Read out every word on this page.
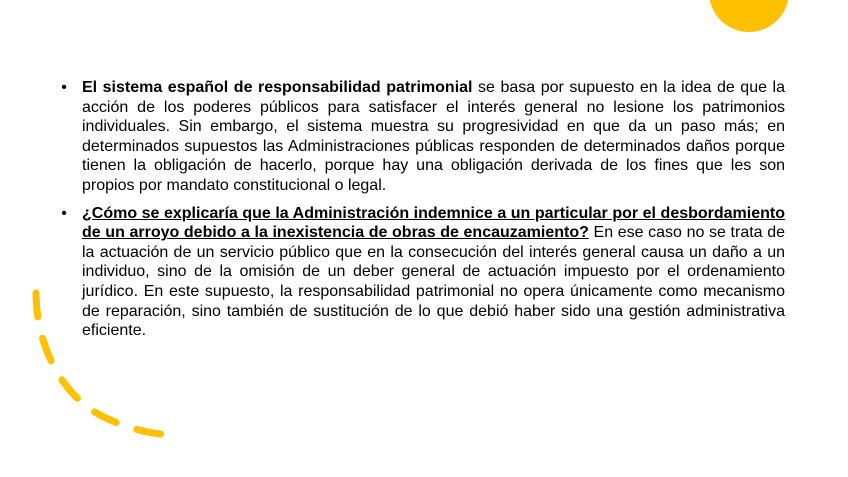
• El sistema español de responsabilidad patrimonial se basa por supuesto en la idea de que la acción de los poderes públicos para satisfacer el interés general no lesione los patrimonios individuales. Sin embargo, el sistema muestra su progresividad en que da un paso más; en determinados supuestos las Administraciones públicas responden de determinados daños porque tienen la obligación de hacerlo, porque hay una obligación derivada de los fines que les son propios por mandato constitucional o legal.
• ¿Cómo se explicaría que la Administración indemnice a un particular por el desbordamiento de un arroyo debido a la inexistencia de obras de encauzamiento? En ese caso no se trata de la actuación de un servicio público que en la consecución del interés general causa un daño a un individuo, sino de la omisión de un deber general de actuación impuesto por el ordenamiento jurídico. En este supuesto, la responsabilidad patrimonial no opera únicamente como mecanismo de reparación, sino también de sustitución de lo que debió haber sido una gestión administrativa eficiente.
